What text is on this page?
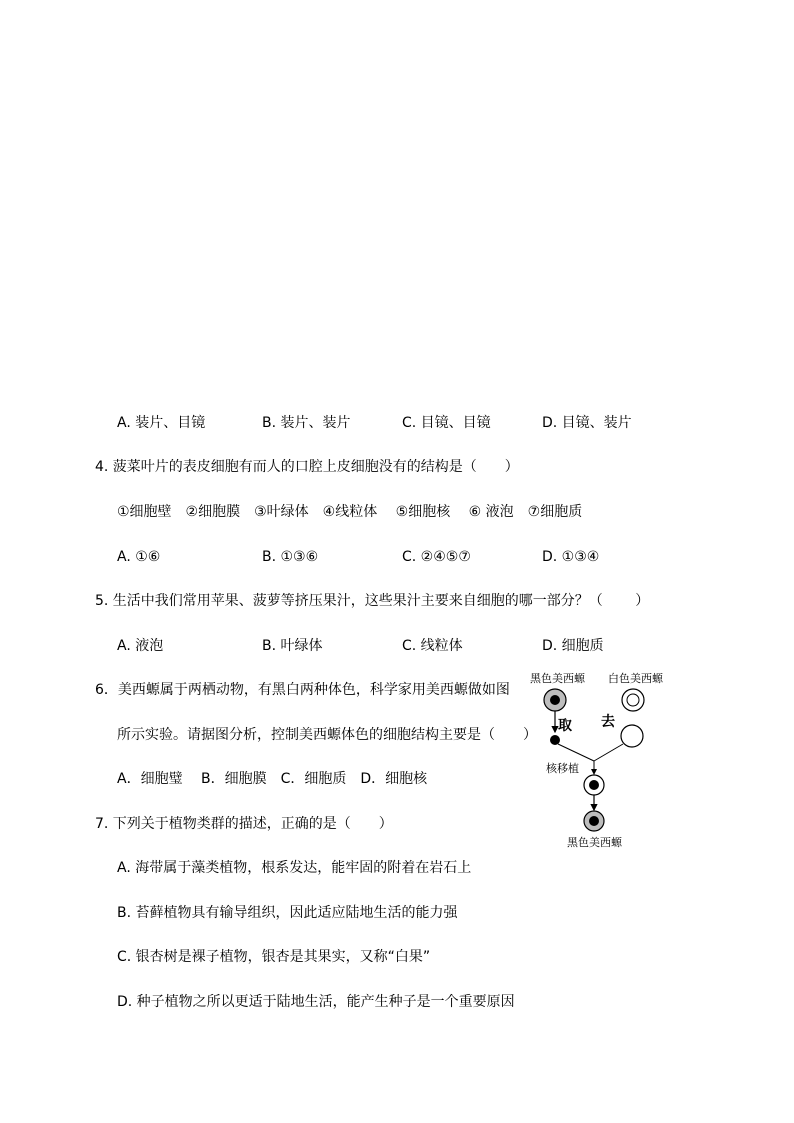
A. 装片、目镜	B. 装片、装片	C. 目镜、目镜	D. 目镜、装片
4. 菠菜叶片的表皮细胞有而人的口腔上皮细胞没有的结构是（　　）
①细胞壁　②细胞膜　③叶绿体　④线粒体　 ⑤细胞核　 ⑥ 液泡　⑦细胞质
A. ①⑥	B. ①③⑥	C. ②④⑤⑦	D. ①③④
5. 生活中我们常用苹果、菠萝等挤压果汁，这些果汁主要来自细胞的哪一部分？（　　 ）
A. 液泡	B. 叶绿体	C. 线粒体	D. 细胞质
6．美西螈属于两栖动物，有黑白两种体色，科学家用美西螈做如图
所示实验。请据图分析，控制美西螈体色的细胞结构主要是（　　）
A．细胞璧　 B．细胞膜　C．细胞质　D．细胞核
黑色美西螈 白色美西螈
取 去
核移植
黑色美西螈
7. 下列关于植物类群的描述，正确的是（　　）
A. 海带属于藻类植物，根系发达，能牢固的附着在岩石上
B. 苔藓植物具有输导组织，因此适应陆地生活的能力强
C. 银杏树是裸子植物，银杏是其果实，又称“白果”
D. 种子植物之所以更适于陆地生活，能产生种子是一个重要原因
